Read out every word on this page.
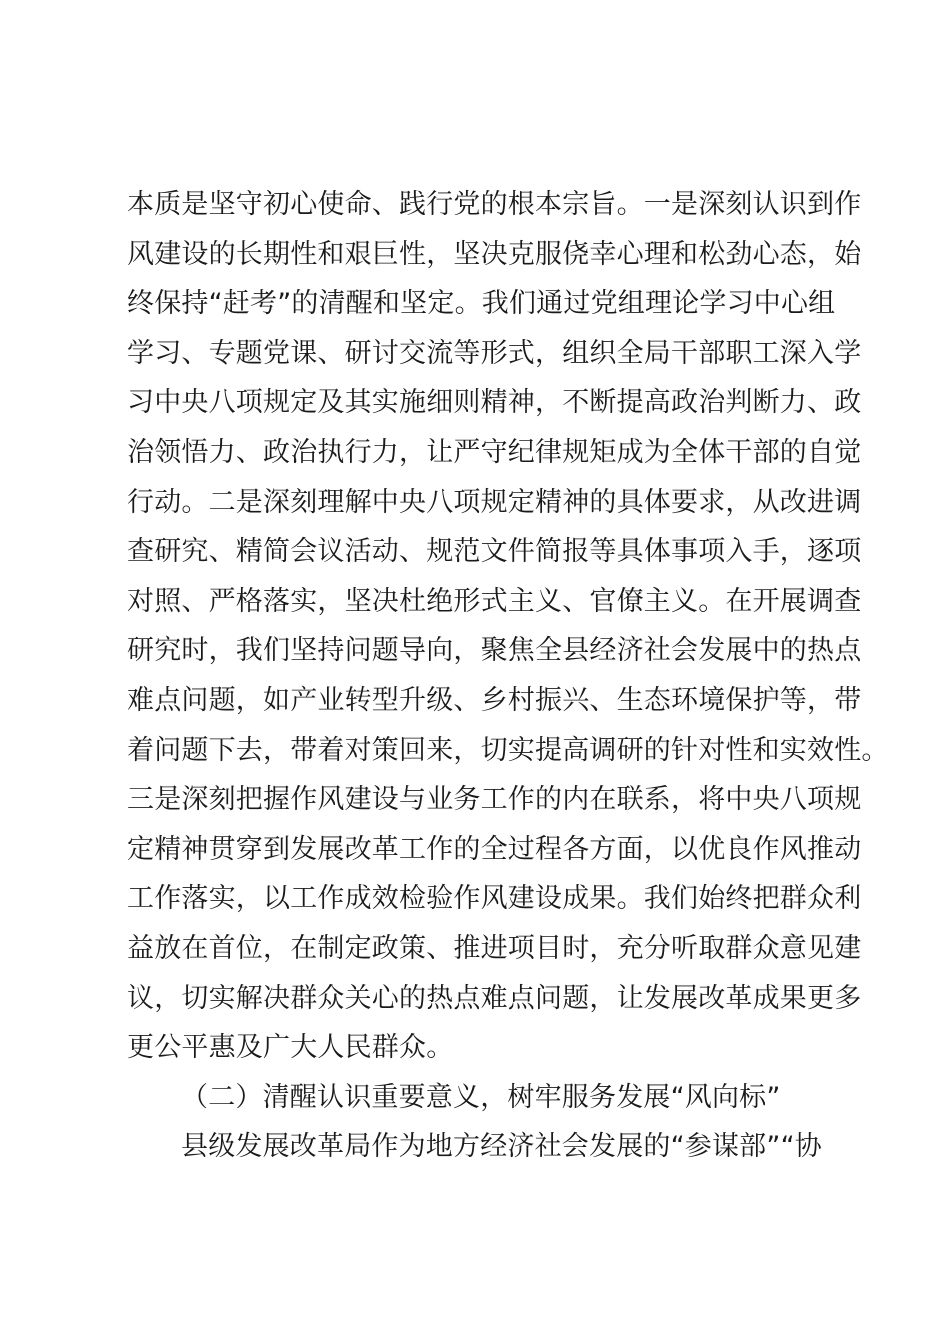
本质是坚守初心使命、践行党的根本宗旨。一是深刻认识到作
风建设的长期性和艰巨性，坚决克服侥幸心理和松劲心态，始
终保持“赶考”的清醒和坚定。我们通过党组理论学习中心组
学习、专题党课、研讨交流等形式，组织全局干部职工深入学
习中央八项规定及其实施细则精神，不断提高政治判断力、政
治领悟力、政治执行力，让严守纪律规矩成为全体干部的自觉
行动。二是深刻理解中央八项规定精神的具体要求，从改进调
查研究、精简会议活动、规范文件简报等具体事项入手，逐项
对照、严格落实，坚决杜绝形式主义、官僚主义。在开展调查
研究时，我们坚持问题导向，聚焦全县经济社会发展中的热点
难点问题，如产业转型升级、乡村振兴、生态环境保护等，带
着问题下去，带着对策回来，切实提高调研的针对性和实效性。
三是深刻把握作风建设与业务工作的内在联系，将中央八项规
定精神贯穿到发展改革工作的全过程各方面，以优良作风推动
工作落实，以工作成效检验作风建设成果。我们始终把群众利
益放在首位，在制定政策、推进项目时，充分听取群众意见建
议，切实解决群众关心的热点难点问题，让发展改革成果更多
更公平惠及广大人民群众。
（二）清醒认识重要意义，树牢服务发展“风向标”
县级发展改革局作为地方经济社会发展的“参谋部”“协
